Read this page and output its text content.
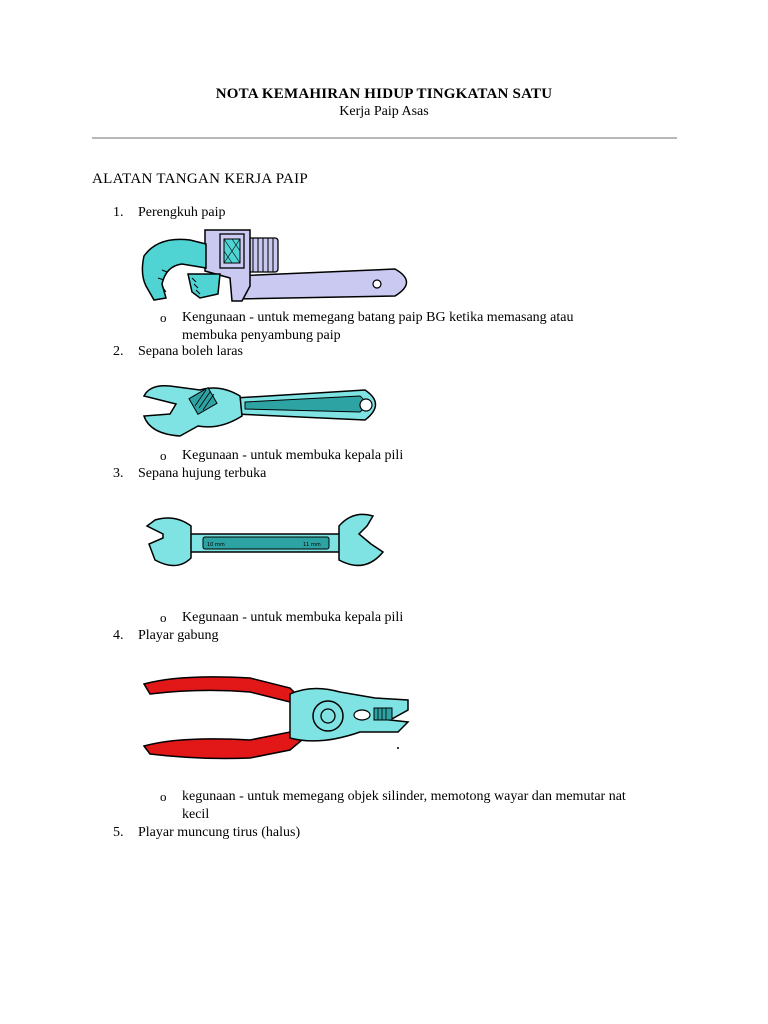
NOTA KEMAHIRAN HIDUP TINGKATAN SATU
Kerja Paip Asas
ALATAN TANGAN KERJA PAIP
1. Perengkuh paip
o Kengunaan - untuk memegang batang paip BG ketika memasang atau
membuka penyambung paip
2. Sepana boleh laras
o Kegunaan - untuk membuka kepala pili
3. Sepana hujung terbuka
10 mm	11 mm
o Kegunaan - untuk membuka kepala pili
4. Playar gabung
o kegunaan - untuk memegang objek silinder, memotong wayar dan memutar nat
kecil
5. Playar muncung tirus (halus)
